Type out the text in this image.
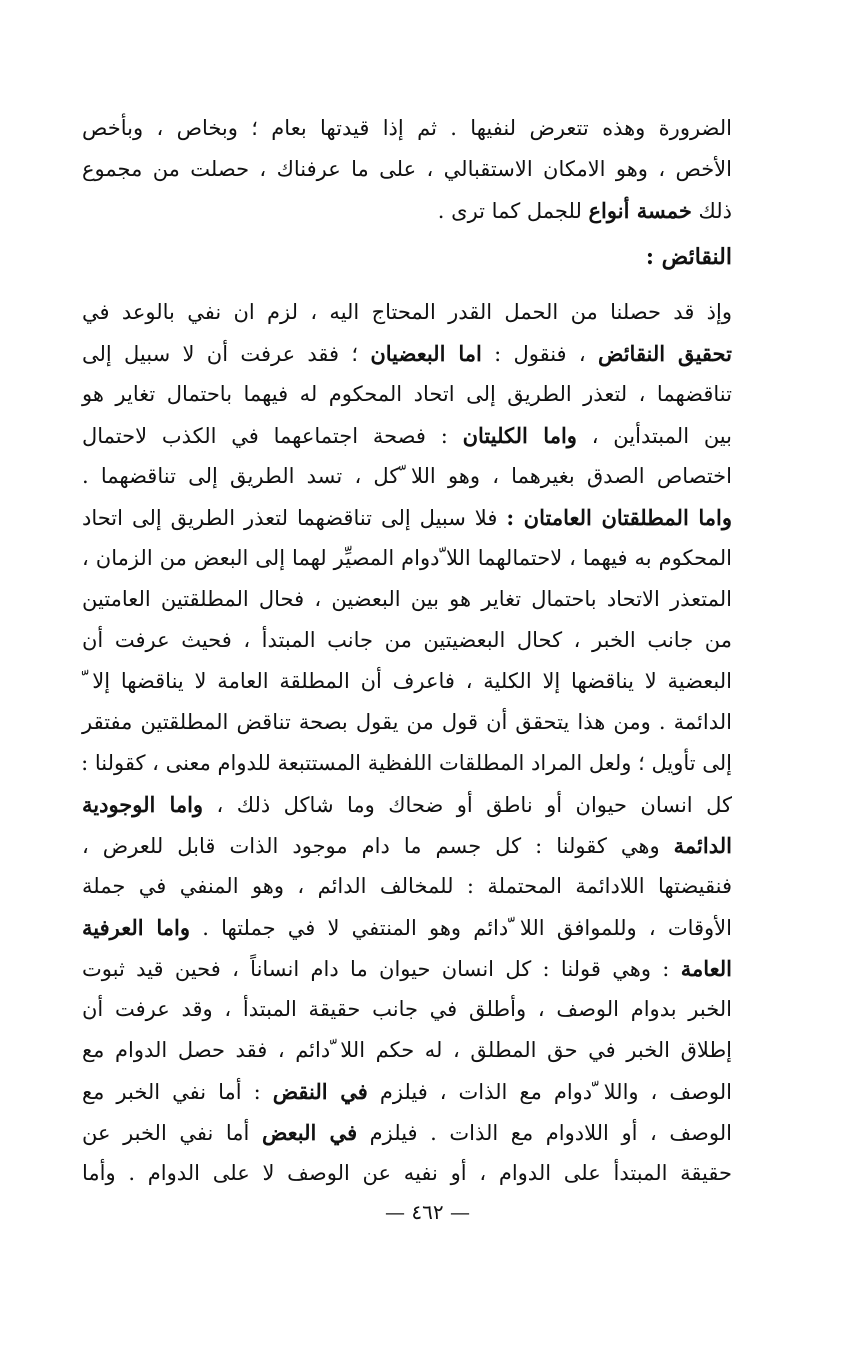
الضرورة وهذه تتعرض لنفيها . ثم إذا قيدتها بعام ؛ وبخاص ، وبأخص
الأخص ، وهو الامكان الاستقبالي ، على ما عرفناك ، حصلت من مجموع
ذلك خمسة أنواع للجمل كما ترى .
النقائض :
وإذ قد حصلنا من الحمل القدر المحتاج اليه ، لزم ان نفي بالوعد في
تحقيق النقائض ، فنقول : اما البعضيان ؛ فقد عرفت أن لا سبيل إلى
تناقضهما ، لتعذر الطريق إلى اتحاد المحكوم له فيهما باحتمال تغاير هو
بين المبتدأين ، واما الكليتان : فصحة اجتماعهما في الكذب لاحتمال
اختصاص الصدق بغيرهما ، وهو اللا ّكل ، تسد الطريق إلى تناقضهما .
واما المطلقتان العامتان : فلا سبيل إلى تناقضهما لتعذر الطريق إلى اتحاد
المحكوم به فيهما ، لاحتمالهما اللا ّدوام المصيِّر لهما إلى البعض من الزمان ،
المتعذر الاتحاد باحتمال تغاير هو بين البعضين ، فحال المطلقتين العامتين
من جانب الخبر ، كحال البعضيتين من جانب المبتدأ ، فحيث عرفت أن
البعضية لا يناقضها إلا الكلية ، فاعرف أن المطلقة العامة لا يناقضها إلا ّ
الدائمة . ومن هذا يتحقق أن قول من يقول بصحة تناقض المطلقتين مفتقر
إلى تأويل ؛ ولعل المراد المطلقات اللفظية المستتبعة للدوام معنى ، كقولنا :
كل انسان حيوان أو ناطق أو ضحاك وما شاكل ذلك ، واما الوجودية
الدائمة وهي كقولنا : كل جسم ما دام موجود الذات قابل للعرض ،
فنقيضتها اللادائمة المحتملة : للمخالف الدائم ، وهو المنفي في جملة
الأوقات ، وللموافق اللا ّدائم وهو المنتفي لا في جملتها . واما العرفية
العامة : وهي قولنا : كل انسان حيوان ما دام انساناً ، فحين قيد ثبوت
الخبر بدوام الوصف ، وأطلق في جانب حقيقة المبتدأ ، وقد عرفت أن
إطلاق الخبر في حق المطلق ، له حكم اللا ّدائم ، فقد حصل الدوام مع
الوصف ، واللا ّدوام مع الذات ، فيلزم في النقض : أما نفي الخبر مع
الوصف ، أو اللادوام مع الذات . فيلزم في البعض أما نفي الخبر عن
حقيقة المبتدأ على الدوام ، أو نفيه عن الوصف لا على الدوام . وأما
— ٤٦٢ —
